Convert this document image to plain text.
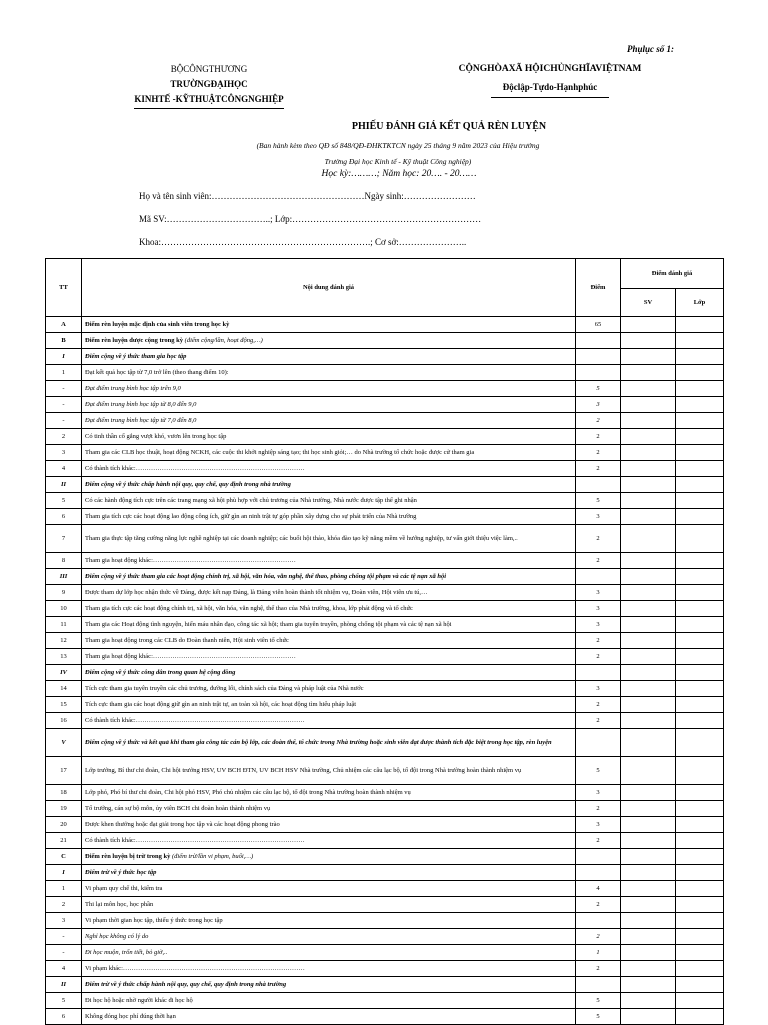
Phụlục số 1:
BỘCÔNGTHƯƠNG
TRƯỜNGĐẠIHỌC
KINHTẾ -KỸTHUẬTCÔNGNGHIỆP
CỘNGHÒAXÃ HỘICHỦNGHĨAVIỆTNAM
Độclập-Tựdo-Hạnhphúc
PHIẾU ĐÁNH GIÁ KẾT QUẢ RÈN LUYỆN
(Ban hành kèm theo QĐ số 848/QĐ-ĐHKTKTCN ngày 25 tháng 9 năm 2023 của Hiệu trưởng
Trường Đại học Kinh tế - Kỹ thuật Công nghiệp)
Học kỳ:………; Năm học: 20…. - 20……
Họ và tên sinh viên:……………………………………………Ngày sinh:……………………
Mã SV:……………………………..; Lớp:………………………………………………………
Khoa:…………………………………………………………….; Cơ sở:…………………..
TT	Nội dung đánh giá	Điểm	Điểm đánh giá	
			SV	Lớp
A	Điểm rèn luyện mặc định của sinh viên trong học kỳ	65		
B	Điểm rèn luyện được cộng trong kỳ (điểm cộng/lần, hoạt động,…)			
I	Điểm cộng về ý thức tham gia học tập			
1	Đạt kết quả học tập từ 7,0 trở lên (theo thang điểm 10):			
-	Đạt điểm trung bình học tập trên 9,0	5		
-	Đạt điểm trung bình học tập từ 8,0 đến 9,0	3		
-	Đạt điểm trung bình học tập từ 7,0 đến 8,0	2		
2	Có tinh thần cố gắng vượt khó, vươn lên trong học tập	2		
3	Tham gia các CLB học thuật, hoạt động NCKH, các cuộc thi khởi nghiệp sáng tạo; thi học sinh giỏi;… do Nhà trường tổ chức hoặc được cử tham gia	2		
4	Có thành tích khác:……………………………………………………………………	2		
II	Điểm cộng về ý thức chấp hành nội quy, quy chế, quy định trong nhà trường			
5	Có các hành động tích cực trên các trang mạng xã hội phù hợp với chủ trương của Nhà trường, Nhà nước được tập thể ghi nhận	5		
6	Tham gia tích cực các hoạt động lao động công ích, giữ gìn an ninh trật tự góp phần xây dựng cho sự phát triển của Nhà trường	3		
7	Tham gia thực tập tăng cường năng lực nghề nghiệp tại các doanh nghiệp; các buổi hội thảo, khóa đào tạo kỹ năng mềm về hướng nghiệp, tư vấn giới thiệu việc làm,..	2		
8	Tham gia hoạt động khác:…………………………………………………………	2		
III	Điểm cộng về ý thức tham gia các hoạt động chính trị, xã hội, văn hóa, văn nghệ, thể thao, phòng chống tội phạm và các tệ nạn xã hội			
9	Được tham dự lớp học nhận thức về Đảng, được kết nạp Đảng, là Đảng viên hoàn thành tốt nhiệm vụ, Đoàn viên, Hội viên ưu tú,…	3		
10	Tham gia tích cực các hoạt động chính trị, xã hội, văn hóa, văn nghệ, thể thao của Nhà trường, khoa, lớp phát động và tổ chức	3		
11	Tham gia các Hoạt động tình nguyện, hiến máu nhân đạo, công tác xã hội; tham gia tuyên truyền, phòng chống tội phạm và các tệ nạn xã hội	3		
12	Tham gia hoạt động trong các CLB do Đoàn thanh niên, Hội sinh viên tổ chức	2		
13	Tham gia hoạt động khác:…………………………………………………………	2		
IV	Điểm cộng về ý thức công dân trong quan hệ cộng đồng			
14	Tích cực tham gia tuyên truyền các chủ trương, đường lối, chính sách của Đảng và pháp luật của Nhà nước	3		
15	Tích cực tham gia các hoạt động giữ gìn an ninh trật tự, an toàn xã hội, các hoạt động tìm hiểu pháp luật	2		
16	Có thành tích khác:……………………………………………………………………	2		
V	Điểm cộng về ý thức và kết quả khi tham gia công tác cán bộ lớp, các đoàn thể, tổ chức trong Nhà trường hoặc sinh viên đạt được thành tích đặc biệt trong học tập, rèn luyện			
17	Lớp trưởng, Bí thư chi đoàn, Chi hội trưởng HSV, UV BCH ĐTN, UV BCH HSV Nhà trường, Chủ nhiệm các câu lạc bộ, tổ đội trong Nhà trường hoàn thành nhiệm vụ	5		
18	Lớp phó, Phó bí thư chi đoàn, Chi hội phó HSV, Phó chủ nhiệm các câu lạc bộ, tổ đội trong Nhà trường hoàn thành nhiệm vụ	3		
19	Tổ trưởng, cán sự bộ môn, ủy viên BCH chi đoàn hoàn thành nhiệm vụ	2		
20	Được khen thưởng hoặc đạt giải trong học tập và các hoạt động phong trào	3		
21	Có thành tích khác:……………………………………………………………………	2		
C	Điểm rèn luyện bị trừ trong kỳ (điểm trừ/lần vi phạm, buổi,…)			
I	Điểm trừ về ý thức học tập			
1	Vi phạm quy chế thi, kiểm tra	4		
2	Thi lại môn học, học phần	2		
3	Vi phạm thời gian học tập, thiếu ý thức trong học tập			
-	Nghỉ học không có lý do	2		
-	Đi học muộn, trốn tiết, bỏ giờ,..	1		
4	Vi phạm khác:…………………………………………………………………………	2		
II	Điểm trừ về ý thức chấp hành nội quy, quy chế, quy định trong nhà trường			
5	Đi học hộ hoặc nhờ người khác đi học hộ	5		
6	Không đóng học phí đúng thời hạn	5		
